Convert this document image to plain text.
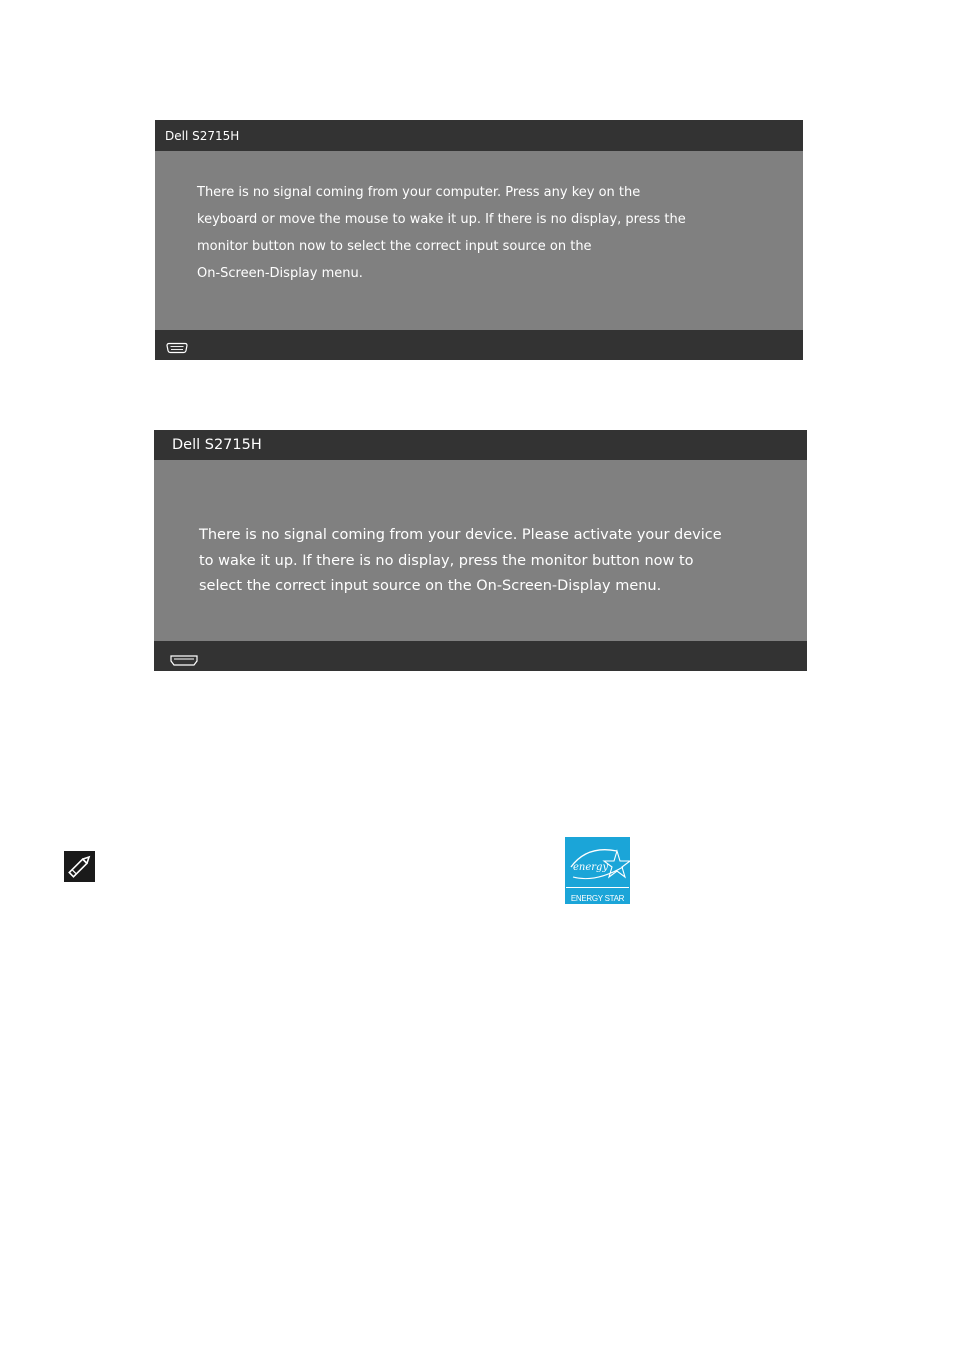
Dell S2715H

There is no signal coming from your computer. Press any key on the

keyboard or move the mouse to wake it up. If there is no display, press the

monitor button now to select the correct input source on the

On-Screen-Display menu.

Dell S2715H

There is no signal coming from your device. Please activate your device

to wake it up. If there is no display, press the monitor button now to

select the correct input source on the On-Screen-Display menu.

energy
ENERGY STAR
